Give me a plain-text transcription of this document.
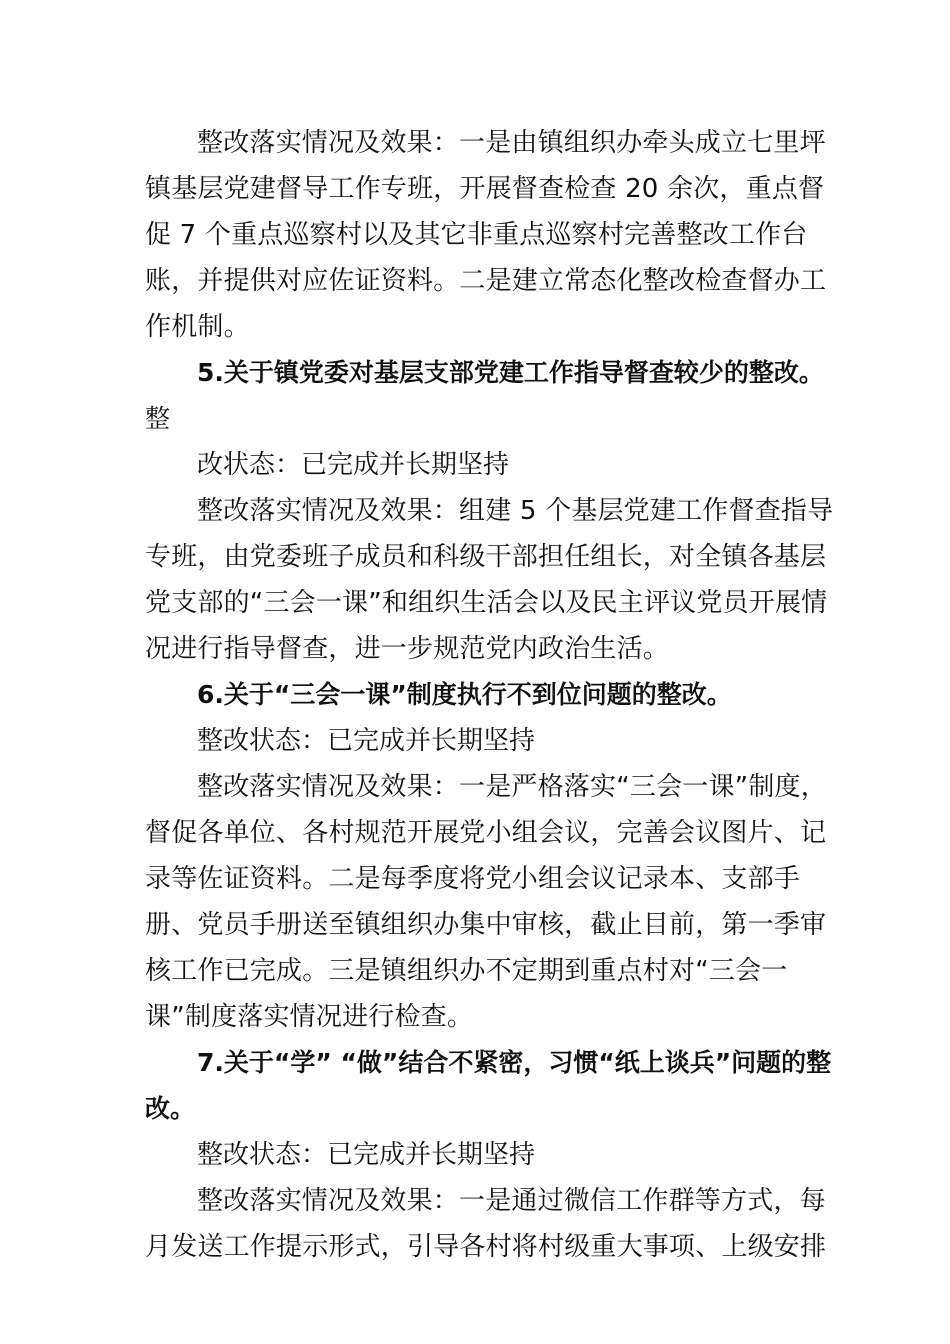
整改落实情况及效果：一是由镇组织办牵头成立七里坪镇基层党建督导工作专班，开展督查检查 20 余次，重点督促 7 个重点巡察村以及其它非重点巡察村完善整改工作台账，并提供对应佐证资料。二是建立常态化整改检查督办工作机制。

5.关于镇党委对基层支部党建工作指导督查较少的整改。 整

改状态：已完成并长期坚持

整改落实情况及效果：组建 5 个基层党建工作督查指导专班，由党委班子成员和科级干部担任组长，对全镇各基层党支部的“三会一课”和组织生活会以及民主评议党员开展情况进行指导督查，进一步规范党内政治生活。

6.关于“三会一课”制度执行不到位问题的整改。

整改状态：已完成并长期坚持

整改落实情况及效果：一是严格落实“三会一课”制度， 督促各单位、各村规范开展党小组会议，完善会议图片、记录等佐证资料。二是每季度将党小组会议记录本、支部手册、党员手册送至镇组织办集中审核，截止目前，第一季审核工作已完成。三是镇组织办不定期到重点村对“三会一课”制度落实情况进行检查。

7.关于“学” “做”结合不紧密，习惯“纸上谈兵”问题的整改。

整改状态：已完成并长期坚持

整改落实情况及效果：一是通过微信工作群等方式，每月发送工作提示形式，引导各村将村级重大事项、上级安排
